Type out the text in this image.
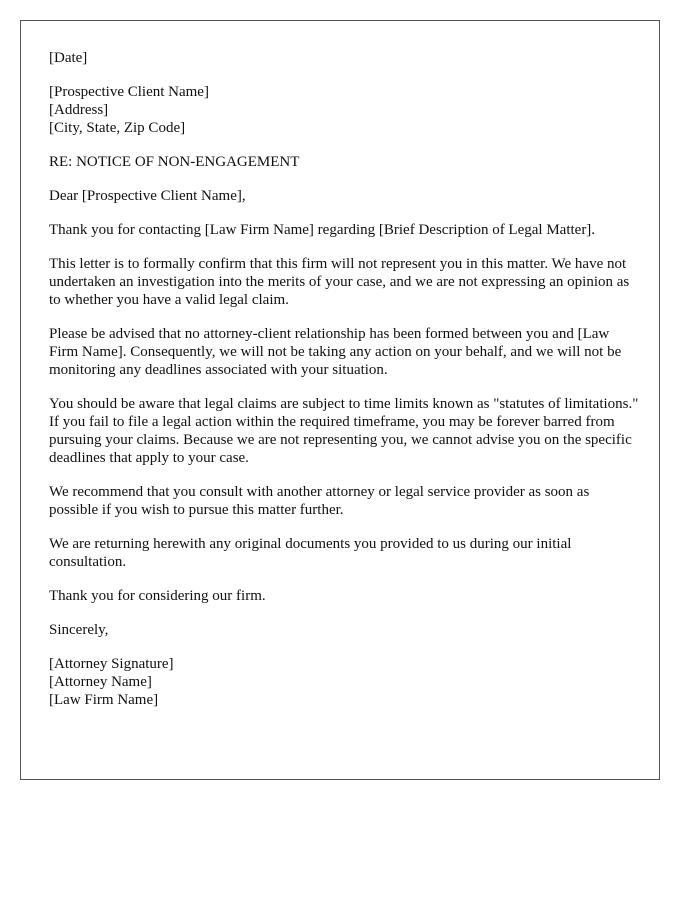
[Date]
[Prospective Client Name]
[Address]
[City, State, Zip Code]
RE: NOTICE OF NON-ENGAGEMENT
Dear [Prospective Client Name],

Thank you for contacting [Law Firm Name] regarding [Brief Description of Legal Matter].

This letter is to formally confirm that this firm will not represent you in this matter. We have not undertaken an investigation into the merits of your case, and we are not expressing an opinion as to whether you have a valid legal claim.

Please be advised that no attorney-client relationship has been formed between you and [Law Firm Name]. Consequently, we will not be taking any action on your behalf, and we will not be monitoring any deadlines associated with your situation.

You should be aware that legal claims are subject to time limits known as "statutes of limitations." If you fail to file a legal action within the required timeframe, you may be forever barred from pursuing your claims. Because we are not representing you, we cannot advise you on the specific deadlines that apply to your case.

We recommend that you consult with another attorney or legal service provider as soon as possible if you wish to pursue this matter further.

We are returning herewith any original documents you provided to us during our initial consultation.

Thank you for considering our firm.

Sincerely,
[Attorney Signature]
[Attorney Name]
[Law Firm Name]
